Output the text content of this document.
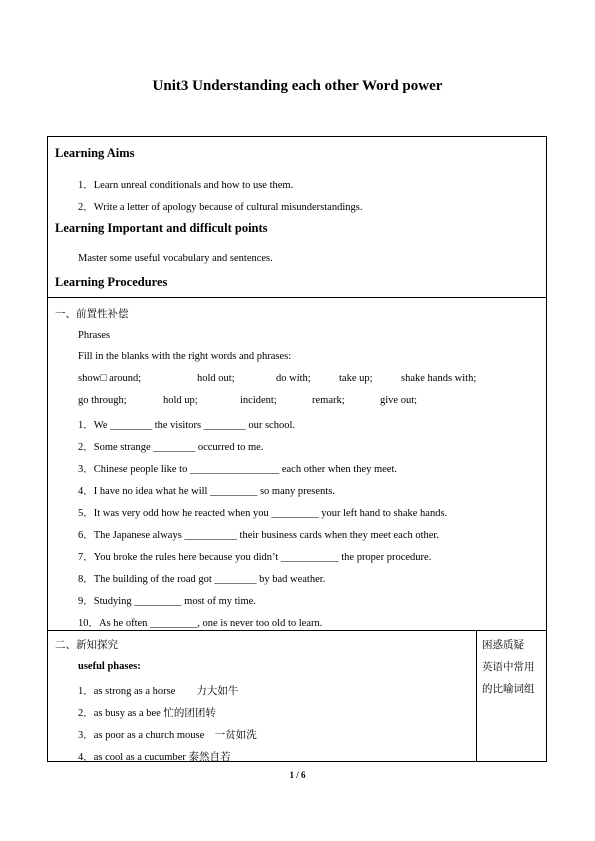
Unit3 Understanding each other Word power
Learning Aims
1．Learn unreal conditionals and how to use them.
2．Write a letter of apology because of cultural misunderstandings.
Learning Important and difficult points
Master some useful vocabulary and sentences.
Learning Procedures
一、前置性补偿
Phrases
Fill in the blanks with the right words and phrases:
show□ around;	hold out;	do with;	take up;	shake hands with;
go through;	hold up;	incident;	remark;	give out;
1．We ________ the visitors ________ our school.
2．Some strange ________ occurred to me.
3．Chinese people like to _________________ each other when they meet.
4．I have no idea what he will _________ so many presents.
5．It was very odd how he reacted when you _________ your left hand to shake hands.
6．The Japanese always __________ their business cards when they meet each other.
7．You broke the rules here because you didn’t ___________ the proper procedure.
8．The building of the road got ________ by bad weather.
9．Studying _________ most of my time.
10．As he often _________, one is never too old to learn.
二、新知探究
useful phases:
1．as strong as a horse　　力大如牛
2．as busy as a bee 忙的团团转
3．as poor as a church mouse　一贫如洗
4．as cool as a cucumber 泰然自若
困惑质疑
英语中常用
的比喻词组
1 / 6
